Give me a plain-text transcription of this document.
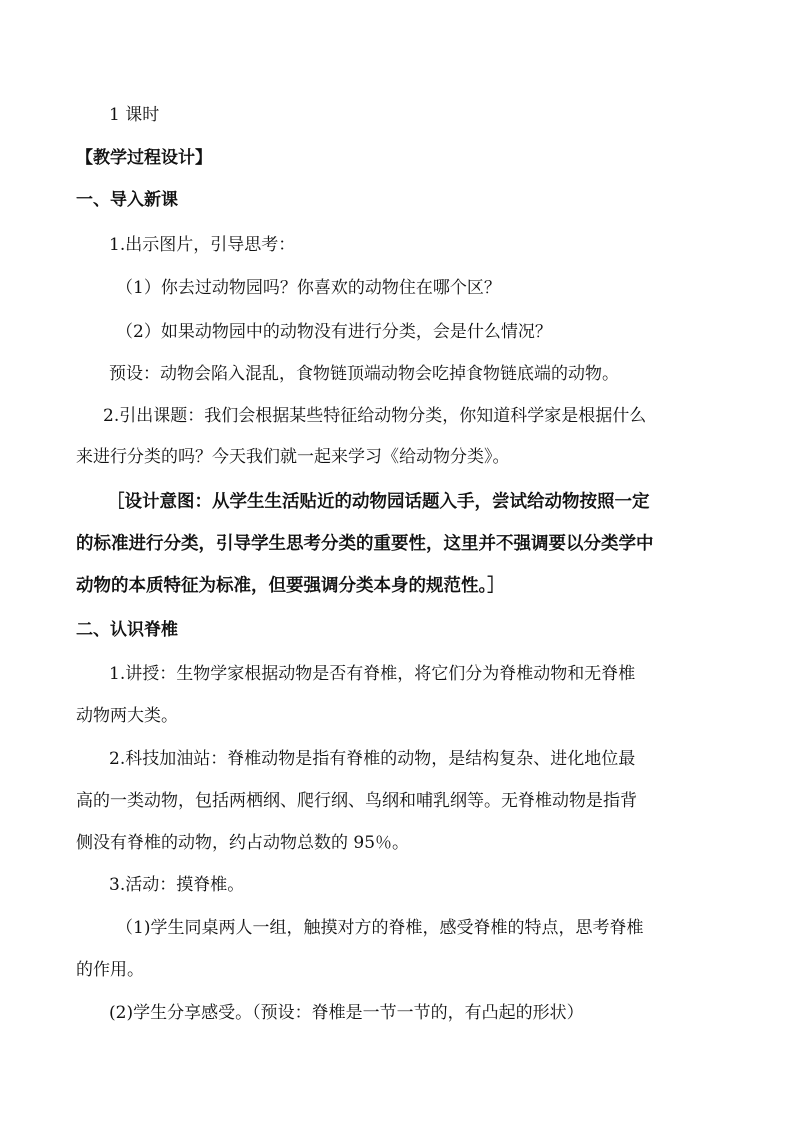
1 课时
【教学过程设计】
一、导入新课
1.出示图片，引导思考：
（1）你去过动物园吗？你喜欢的动物住在哪个区？
（2）如果动物园中的动物没有进行分类，会是什么情况？
预设：动物会陷入混乱，食物链顶端动物会吃掉食物链底端的动物。
2.引出课题：我们会根据某些特征给动物分类，你知道科学家是根据什么
来进行分类的吗？今天我们就一起来学习《给动物分类》。
［设计意图：从学生生活贴近的动物园话题入手，尝试给动物按照一定
的标准进行分类，引导学生思考分类的重要性，这里并不强调要以分类学中
动物的本质特征为标准，但要强调分类本身的规范性。］
二、认识脊椎
1.讲授：生物学家根据动物是否有脊椎，将它们分为脊椎动物和无脊椎
动物两大类。
2.科技加油站：脊椎动物是指有脊椎的动物，是结构复杂、进化地位最
高的一类动物，包括两栖纲、爬行纲、鸟纲和哺乳纲等。无脊椎动物是指背
侧没有脊椎的动物，约占动物总数的 95％。
3.活动：摸脊椎。
（1)学生同桌两人一组，触摸对方的脊椎，感受脊椎的特点，思考脊椎
的作用。
(2)学生分享感受。（预设：脊椎是一节一节的，有凸起的形状）
